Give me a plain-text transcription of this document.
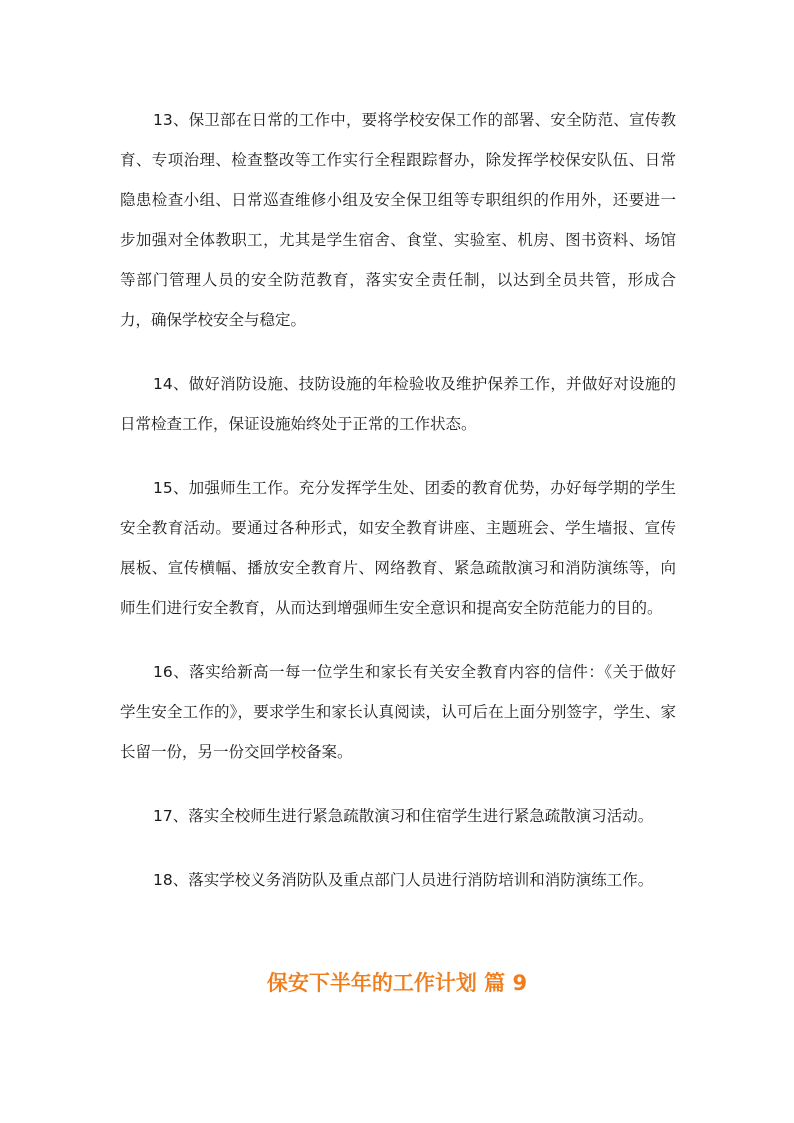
13、保卫部在日常的工作中，要将学校安保工作的部署、安全防范、宣传教育、专项治理、检查整改等工作实行全程跟踪督办，除发挥学校保安队伍、日常隐患检查小组、日常巡查维修小组及安全保卫组等专职组织的作用外，还要进一步加强对全体教职工，尤其是学生宿舍、食堂、实验室、机房、图书资料、场馆等部门管理人员的安全防范教育，落实安全责任制，以达到全员共管，形成合力，确保学校安全与稳定。

14、做好消防设施、技防设施的年检验收及维护保养工作，并做好对设施的日常检查工作，保证设施始终处于正常的工作状态。

15、加强师生工作。充分发挥学生处、团委的教育优势，办好每学期的学生安全教育活动。要通过各种形式，如安全教育讲座、主题班会、学生墙报、宣传展板、宣传横幅、播放安全教育片、网络教育、紧急疏散演习和消防演练等，向师生们进行安全教育，从而达到增强师生安全意识和提高安全防范能力的目的。

16、落实给新高一每一位学生和家长有关安全教育内容的信件：《关于做好学生安全工作的》，要求学生和家长认真阅读，认可后在上面分别签字，学生、家长留一份，另一份交回学校备案。

17、落实全校师生进行紧急疏散演习和住宿学生进行紧急疏散演习活动。

18、落实学校义务消防队及重点部门人员进行消防培训和消防演练工作。

保安下半年的工作计划 篇 9
